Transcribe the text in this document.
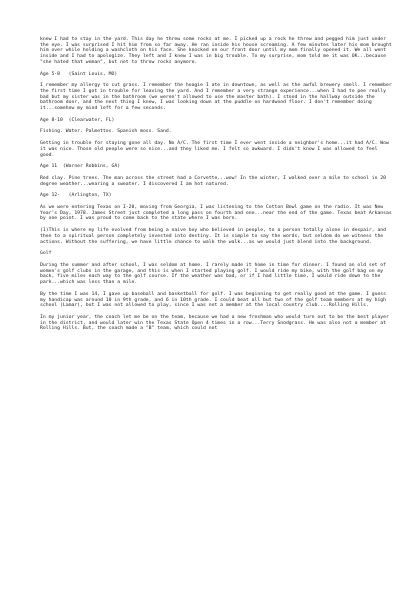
knew I had to stay in the yard. This day he threw some rocks at me. I picked up a rock he threw and pegged him just under the eye. I was surprised I hit him from so far away. He ran inside his house screaming. A few minutes later his mom brought him over while holding a washcloth on his face. She knocked on our front door until my mom finally opened it. We all went inside and I had to apologize. They left and I knew I was in big trouble. To my surprise, mom told me it was OK...because "she hated that woman", but not to throw rocks anymore.

Age 5-8   (Saint Louis, MO)

I remember my allergy to cut grass. I remember the hoagie I ate in downtown, as well as the awful brewery smell. I remember the first time I got in trouble for leaving the yard. And I remember a very strange experience...when I had to pee really bad but my sister was in the bathroom (we weren't allowed to use the master bath). I stood in the hallway outside the bathroom door, and the next thing I knew, I was looking down at the puddle on hardwood floor. I don't remember doing it...somehow my mind left for a few seconds.

Age 8-10  (Clearwater, FL)

Fishing. Water. Palmettos. Spanish moss. Sand.

Getting in trouble for staying gone all day. No A/C. The first time I ever went inside a neighbor's home...it had A/C. Wow it was nice. Those old people were so nice...and they liked me. I felt so awkward. I didn't know I was allowed to feel good.

Age 11  (Warner Robbins, GA)

Red clay. Pine trees. The man across the street had a Corvette...wow! In the winter, I walked over a mile to school in 20 degree weather...wearing a sweater. I discovered I am hot natured.

Age 12-   (Arlington, TX)

As we were entering Texas on I-20, moving from Georgia, I was listening to the Cotton Bowl game on the radio. It was New Year's Day, 1978. James Street just completed a long pass on fourth and one...near the end of the game. Texas beat Arkansas by one point. I was proud to come back to the state where I was born.

(1)This is where my life evolved from being a naive boy who believed in people, to a person totally alone in despair, and then to a spiritual person completely invested into destiny. It is simple to say the words, but seldom do we witness the actions. Without the suffering, we have little chance to walk the walk...as we would just blend into the background.

Golf

During the summer and after school, I was seldom at home. I rarely made it home in time for dinner. I found an old set of women's golf clubs in the garage, and this is when I started playing golf. I would ride my bike, with the golf bag on my back, five miles each way to the golf course. If the weather was bad, or if I had little time, I would ride down to the park...which was less than a mile.

By the time I was 14, I gave up baseball and basketball for golf. I was beginning to get really good at the game. I guess my handicap was around 10 in 9th grade, and 6 in 10th grade. I could beat all but two of the golf team members at my high school (Lamar), but I was not allowed to play, since I was not a member at the local country club....Rolling Hills.

In my junior year, the coach let me be on the team, because we had a new freshman who would turn out to be the best player in the district, and would later win the Texas State Open 4 times in a row...Terry Snodgrass. He was also not a member at Rolling Hills. But, the coach made a "B" team, which could not
